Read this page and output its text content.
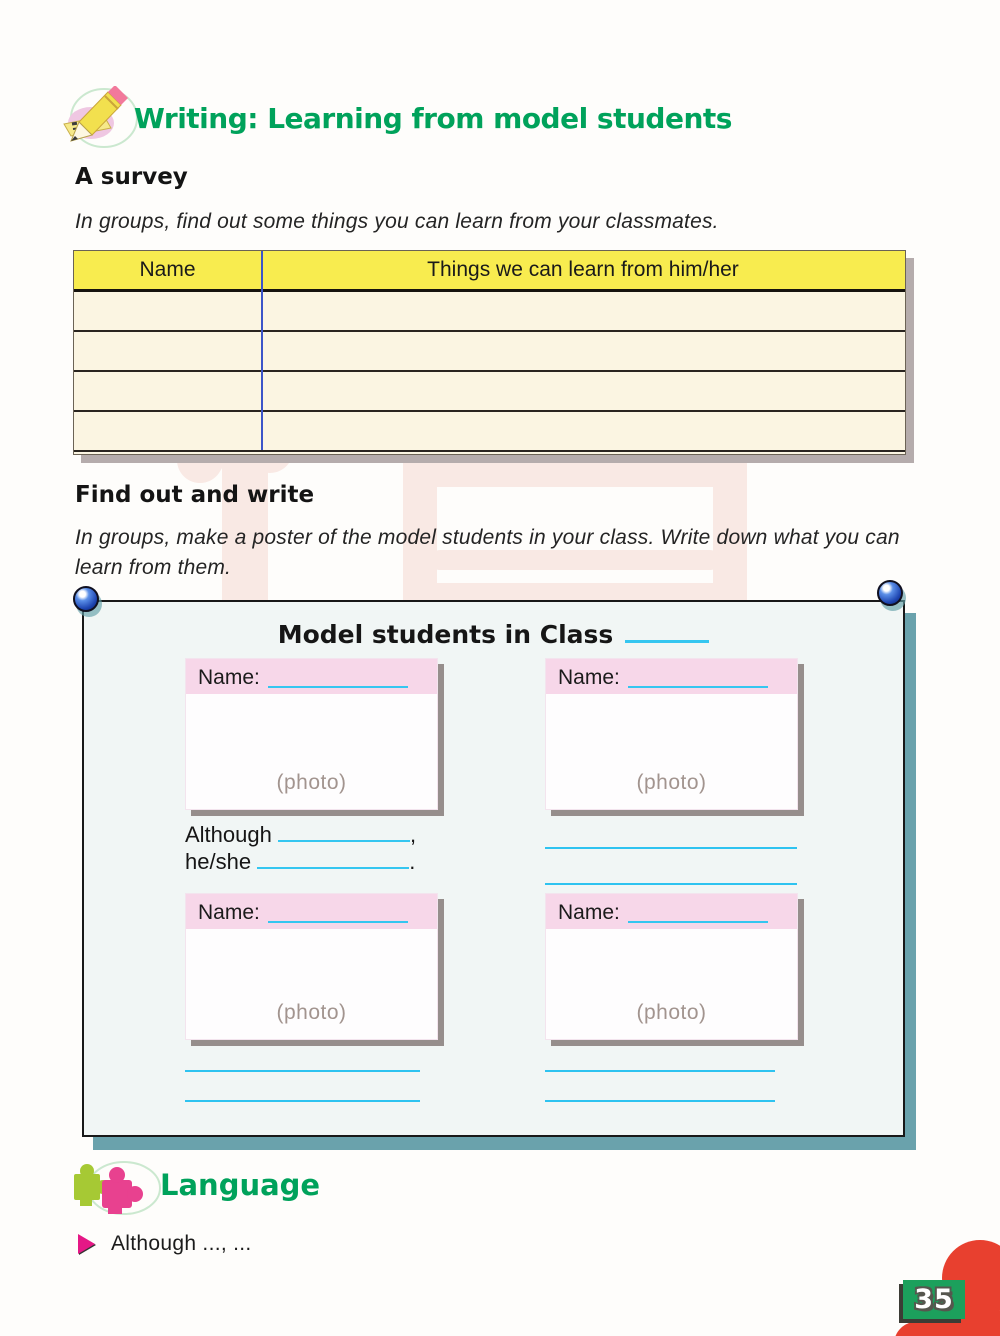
Writing: Learning from model students
A survey
In groups, find out some things you can learn from your classmates.
Name	Things we can learn from him/her
Find out and write
In groups, make a poster of the model students in your class. Write down what you can learn from them.
Model students in Class
Name:
(photo)
Name:
(photo)
Although	,
he/she	.
Name:
(photo)
Name:
(photo)
Language
Although ..., ...
35
